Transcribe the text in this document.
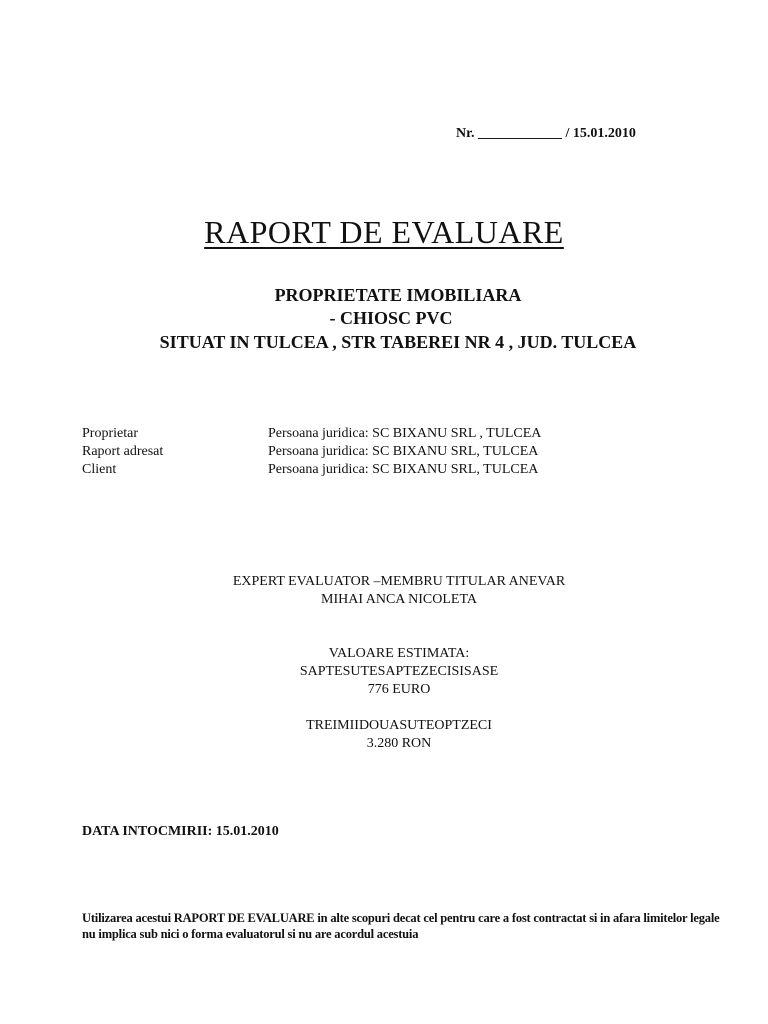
Nr. ____________ / 15.01.2010
RAPORT DE EVALUARE
PROPRIETATE IMOBILIARA
- CHIOSC PVC
SITUAT IN TULCEA , STR TABEREI NR 4 , JUD. TULCEA
Proprietar	Persoana juridica: SC BIXANU SRL , TULCEA
Raport adresat	Persoana juridica: SC BIXANU SRL, TULCEA
Client	Persoana juridica: SC BIXANU SRL, TULCEA
EXPERT EVALUATOR –MEMBRU TITULAR ANEVAR
MIHAI ANCA NICOLETA
VALOARE ESTIMATA:
SAPTESUTESAPTEZECISISASE
776 EURO
TREIMIIDOUASUTEOPTZECI
3.280 RON
DATA INTOCMIRII: 15.01.2010
Utilizarea acestui RAPORT DE EVALUARE in alte scopuri decat cel pentru care a fost contractat si in afara limitelor legale nu implica sub nici o forma evaluatorul si nu are acordul acestuia
